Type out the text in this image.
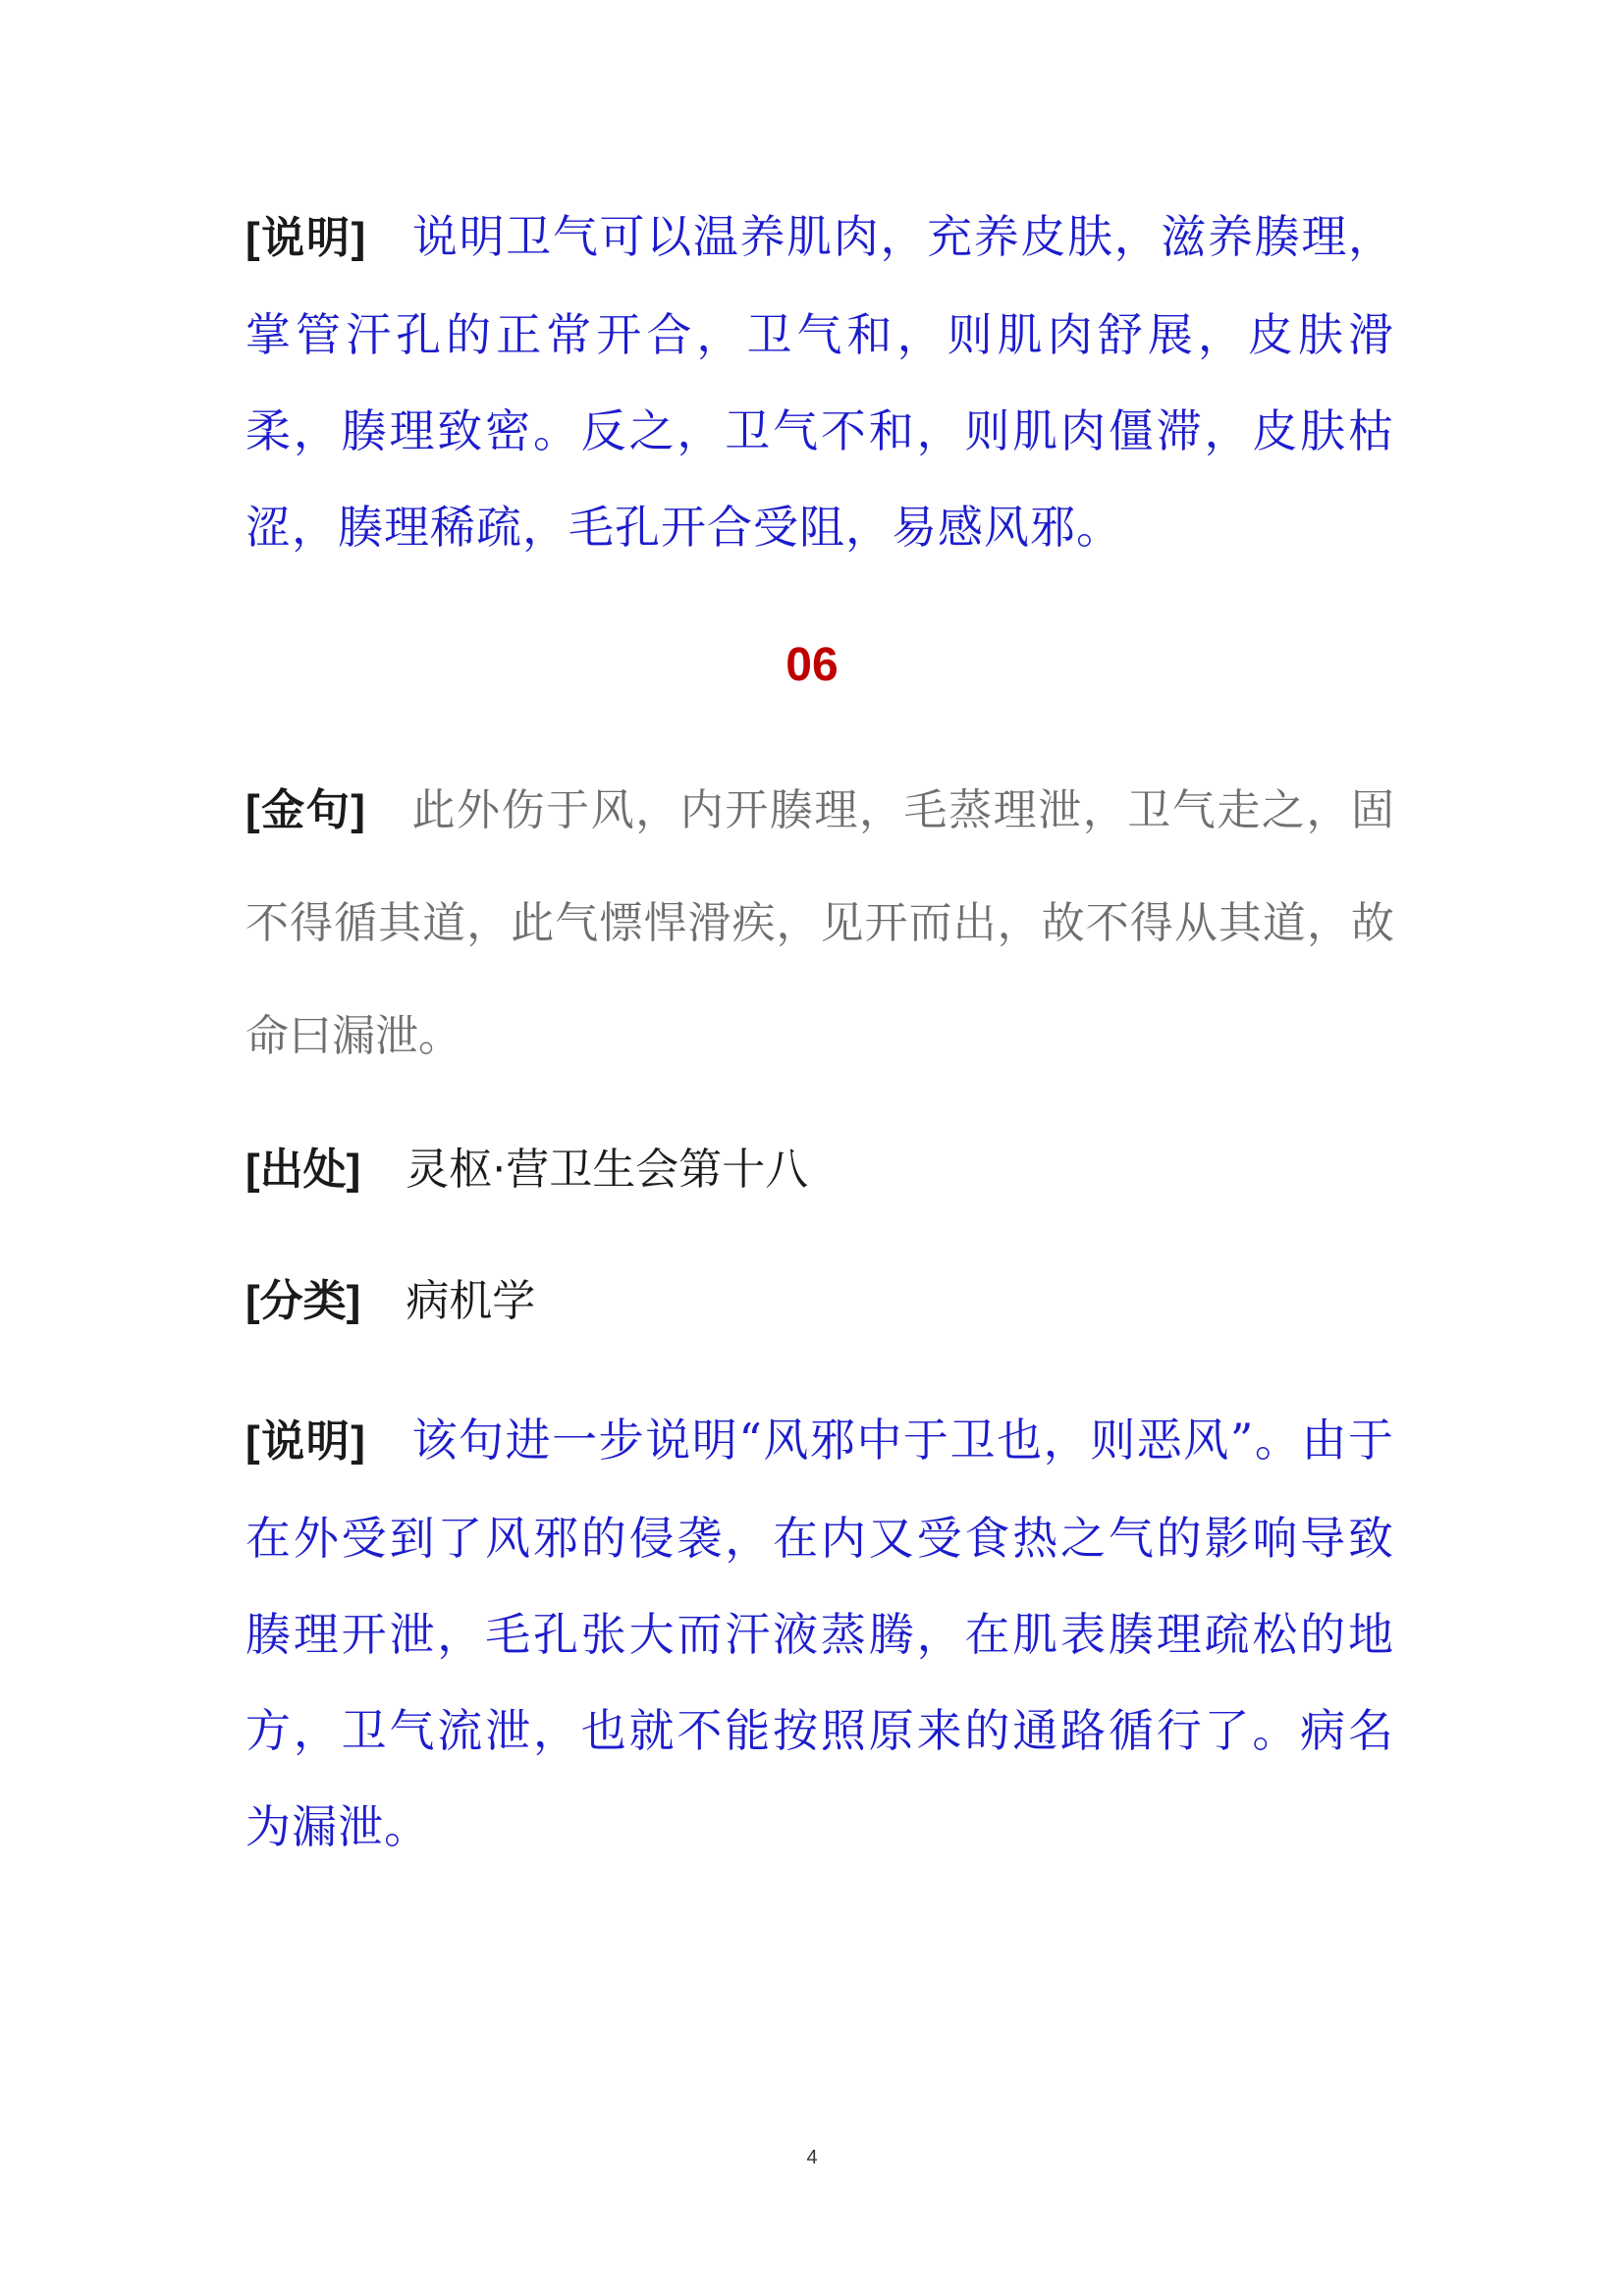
[说明] 说明卫气可以温养肌肉，充养皮肤，滋养腠理，掌管汗孔的正常开合，卫气和，则肌肉舒展，皮肤滑柔，腠理致密。反之，卫气不和，则肌肉僵滞，皮肤枯涩，腠理稀疏，毛孔开合受阻，易感风邪。
06
[金句] 此外伤于风，内开腠理，毛蒸理泄，卫气走之，固不得循其道，此气慓悍滑疾，见开而出，故不得从其道，故命曰漏泄。
[出处] 灵枢·营卫生会第十八
[分类] 病机学
[说明] 该句进一步说明“风邪中于卫也，则恶风”。由于在外受到了风邪的侵袭，在内又受食热之气的影响导致腠理开泄，毛孔张大而汗液蒸腾，在肌表腠理疏松的地方，卫气流泄，也就不能按照原来的通路循行了。病名为漏泄。
4
